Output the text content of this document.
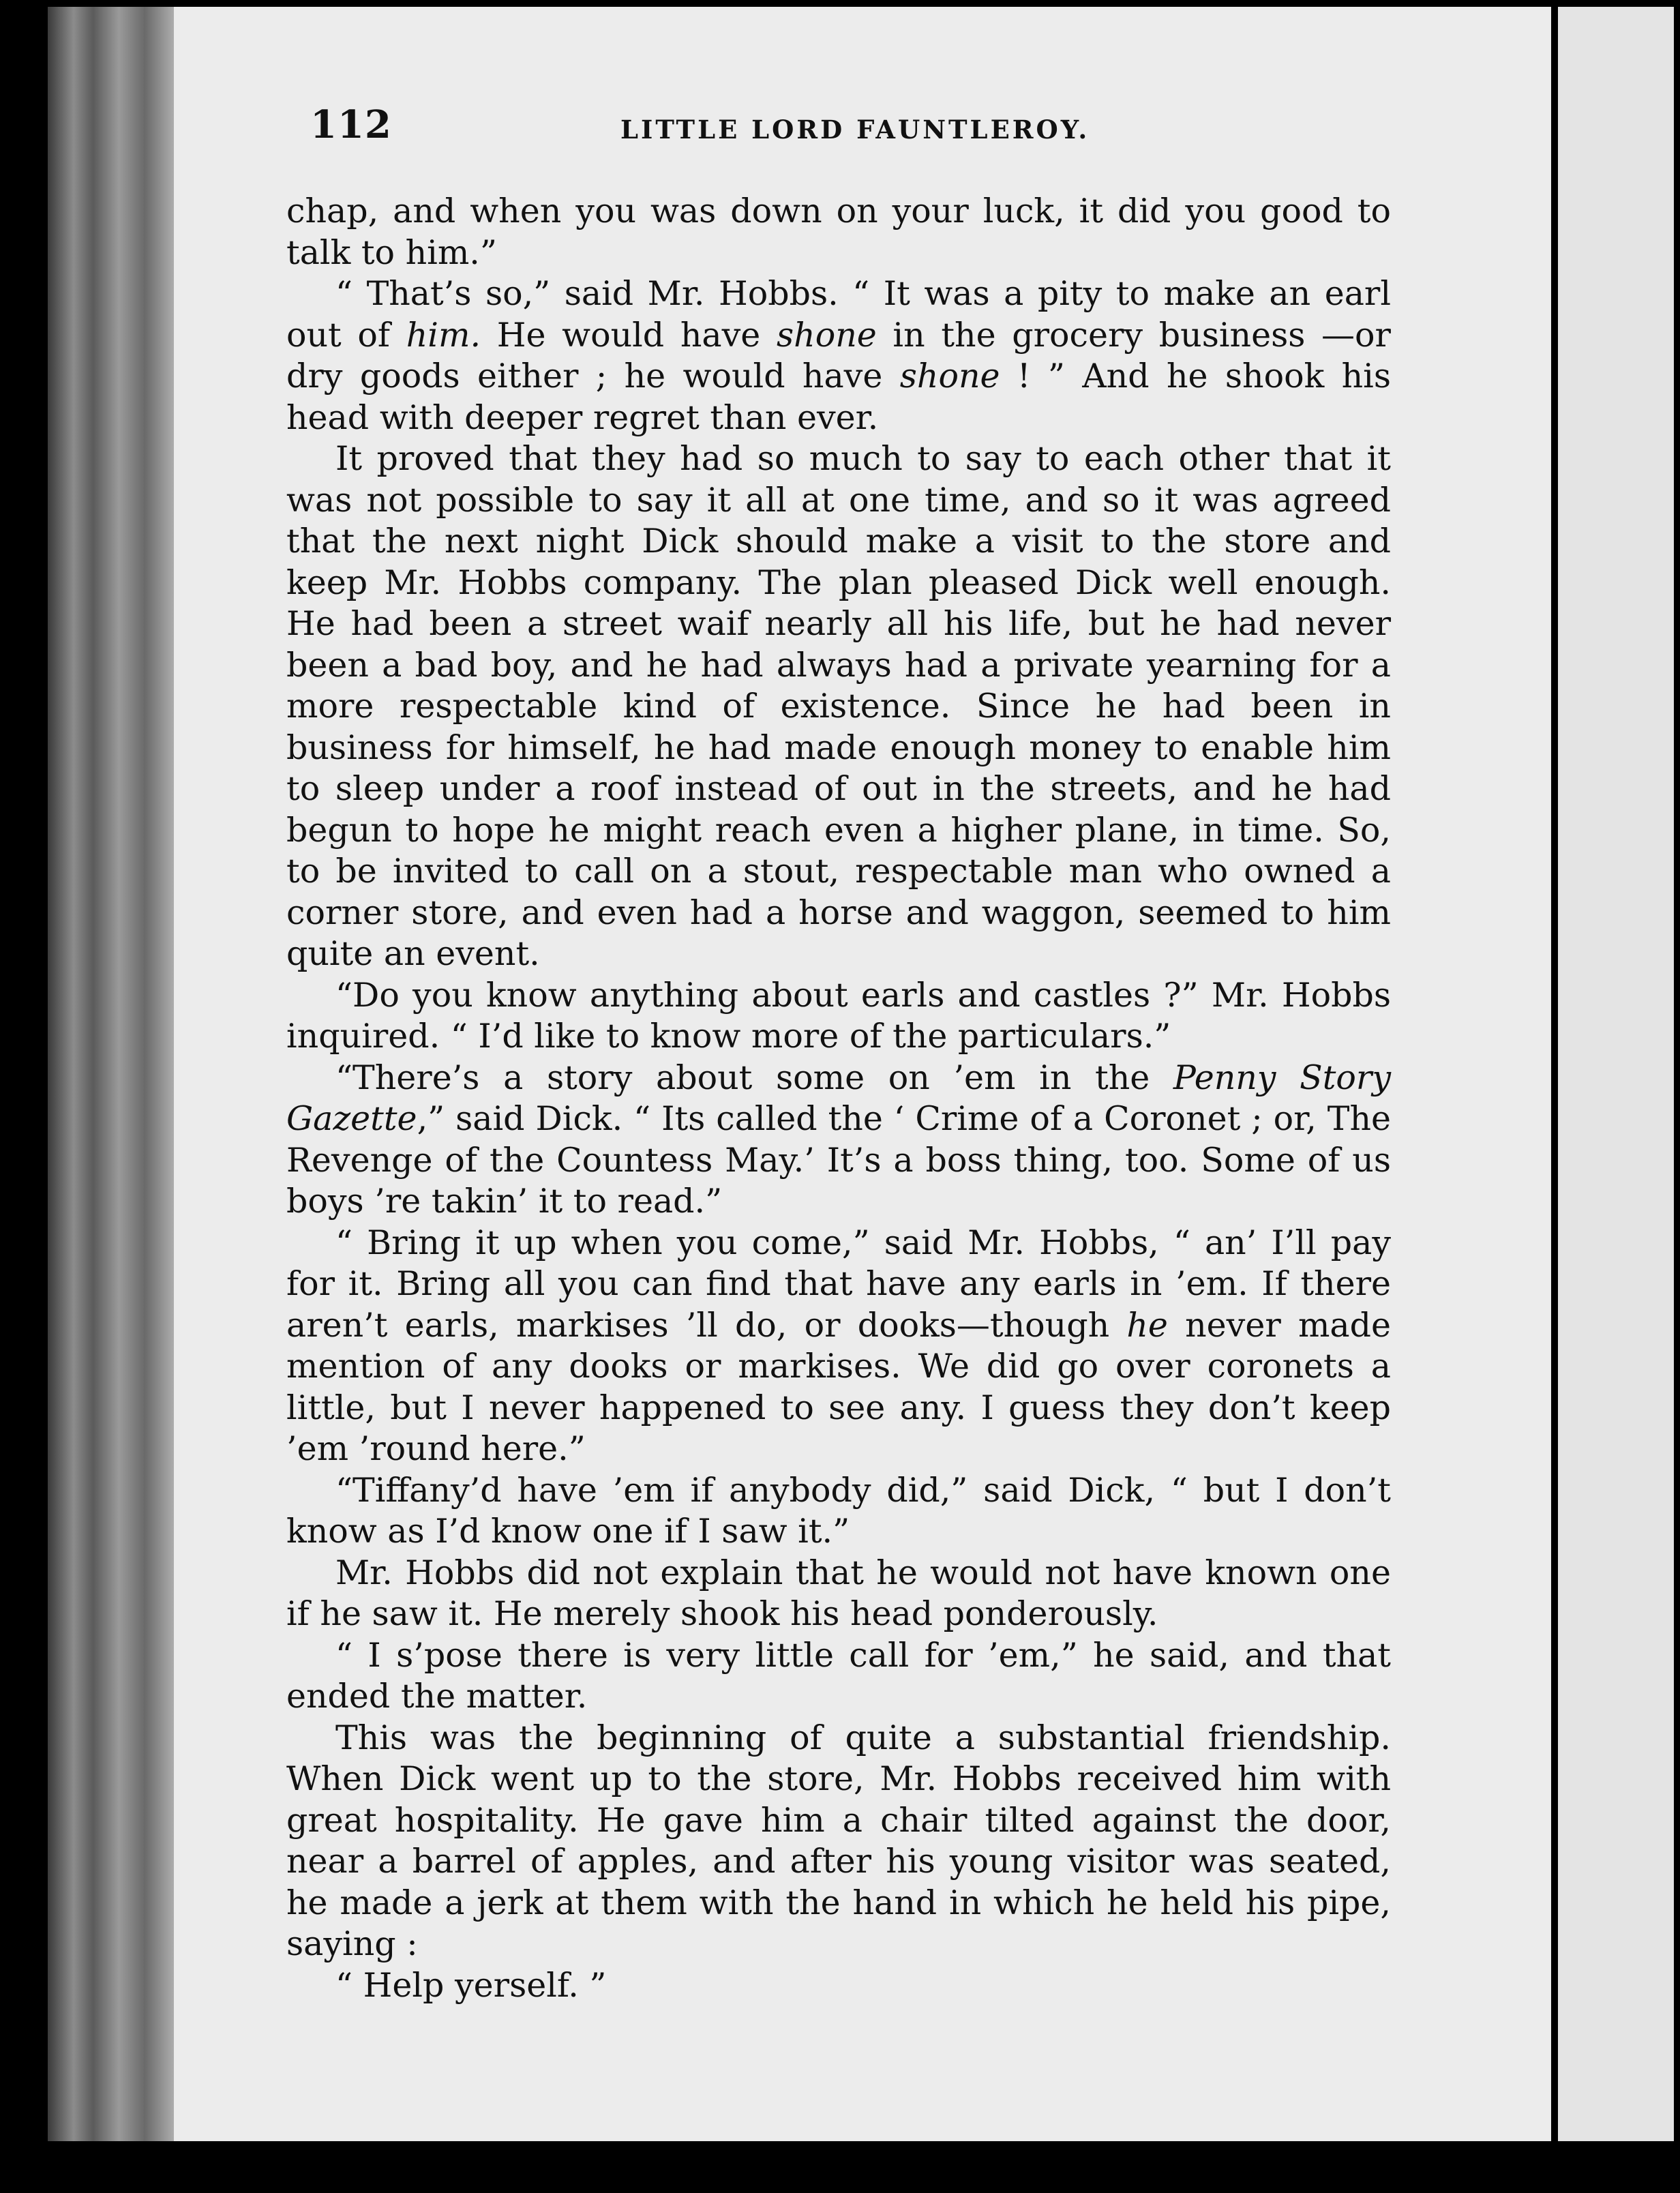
112	LITTLE LORD FAUNTLEROY.

chap, and when you was down on your luck, it did you good to talk to him.”

“ That’s so,” said Mr. Hobbs. “ It was a pity to make an earl out of him. He would have shone in the grocery business —or dry goods either ; he would have shone ! ” And he shook his head with deeper regret than ever.

It proved that they had so much to say to each other that it was not possible to say it all at one time, and so it was agreed that the next night Dick should make a visit to the store and keep Mr. Hobbs company. The plan pleased Dick well enough. He had been a street waif nearly all his life, but he had never been a bad boy, and he had always had a private yearning for a more respectable kind of existence. Since he had been in business for himself, he had made enough money to enable him to sleep under a roof instead of out in the streets, and he had begun to hope he might reach even a higher plane, in time. So, to be invited to call on a stout, respectable man who owned a corner store, and even had a horse and waggon, seemed to him quite an event.

“Do you know anything about earls and castles ?” Mr. Hobbs inquired. “ I’d like to know more of the particulars.”

“There’s a story about some on ’em in the Penny Story Gazette,” said Dick. “ Its called the ‘ Crime of a Coronet ; or, The Revenge of the Countess May.’ It’s a boss thing, too. Some of us boys ’re takin’ it to read.”

“ Bring it up when you come,” said Mr. Hobbs, “ an’ I’ll pay for it. Bring all you can find that have any earls in ’em. If there aren’t earls, markises ’ll do, or dooks—though he never made mention of any dooks or markises. We did go over coronets a little, but I never happened to see any. I guess they don’t keep ’em ’round here.”

“Tiffany’d have ’em if anybody did,” said Dick, “ but I don’t know as I’d know one if I saw it.”

Mr. Hobbs did not explain that he would not have known one if he saw it. He merely shook his head ponderously.

“ I s’pose there is very little call for ’em,” he said, and that ended the matter.

This was the beginning of quite a substantial friendship. When Dick went up to the store, Mr. Hobbs received him with great hospitality. He gave him a chair tilted against the door, near a barrel of apples, and after his young visitor was seated, he made a jerk at them with the hand in which he held his pipe, saying :

“ Help yerself. ”
